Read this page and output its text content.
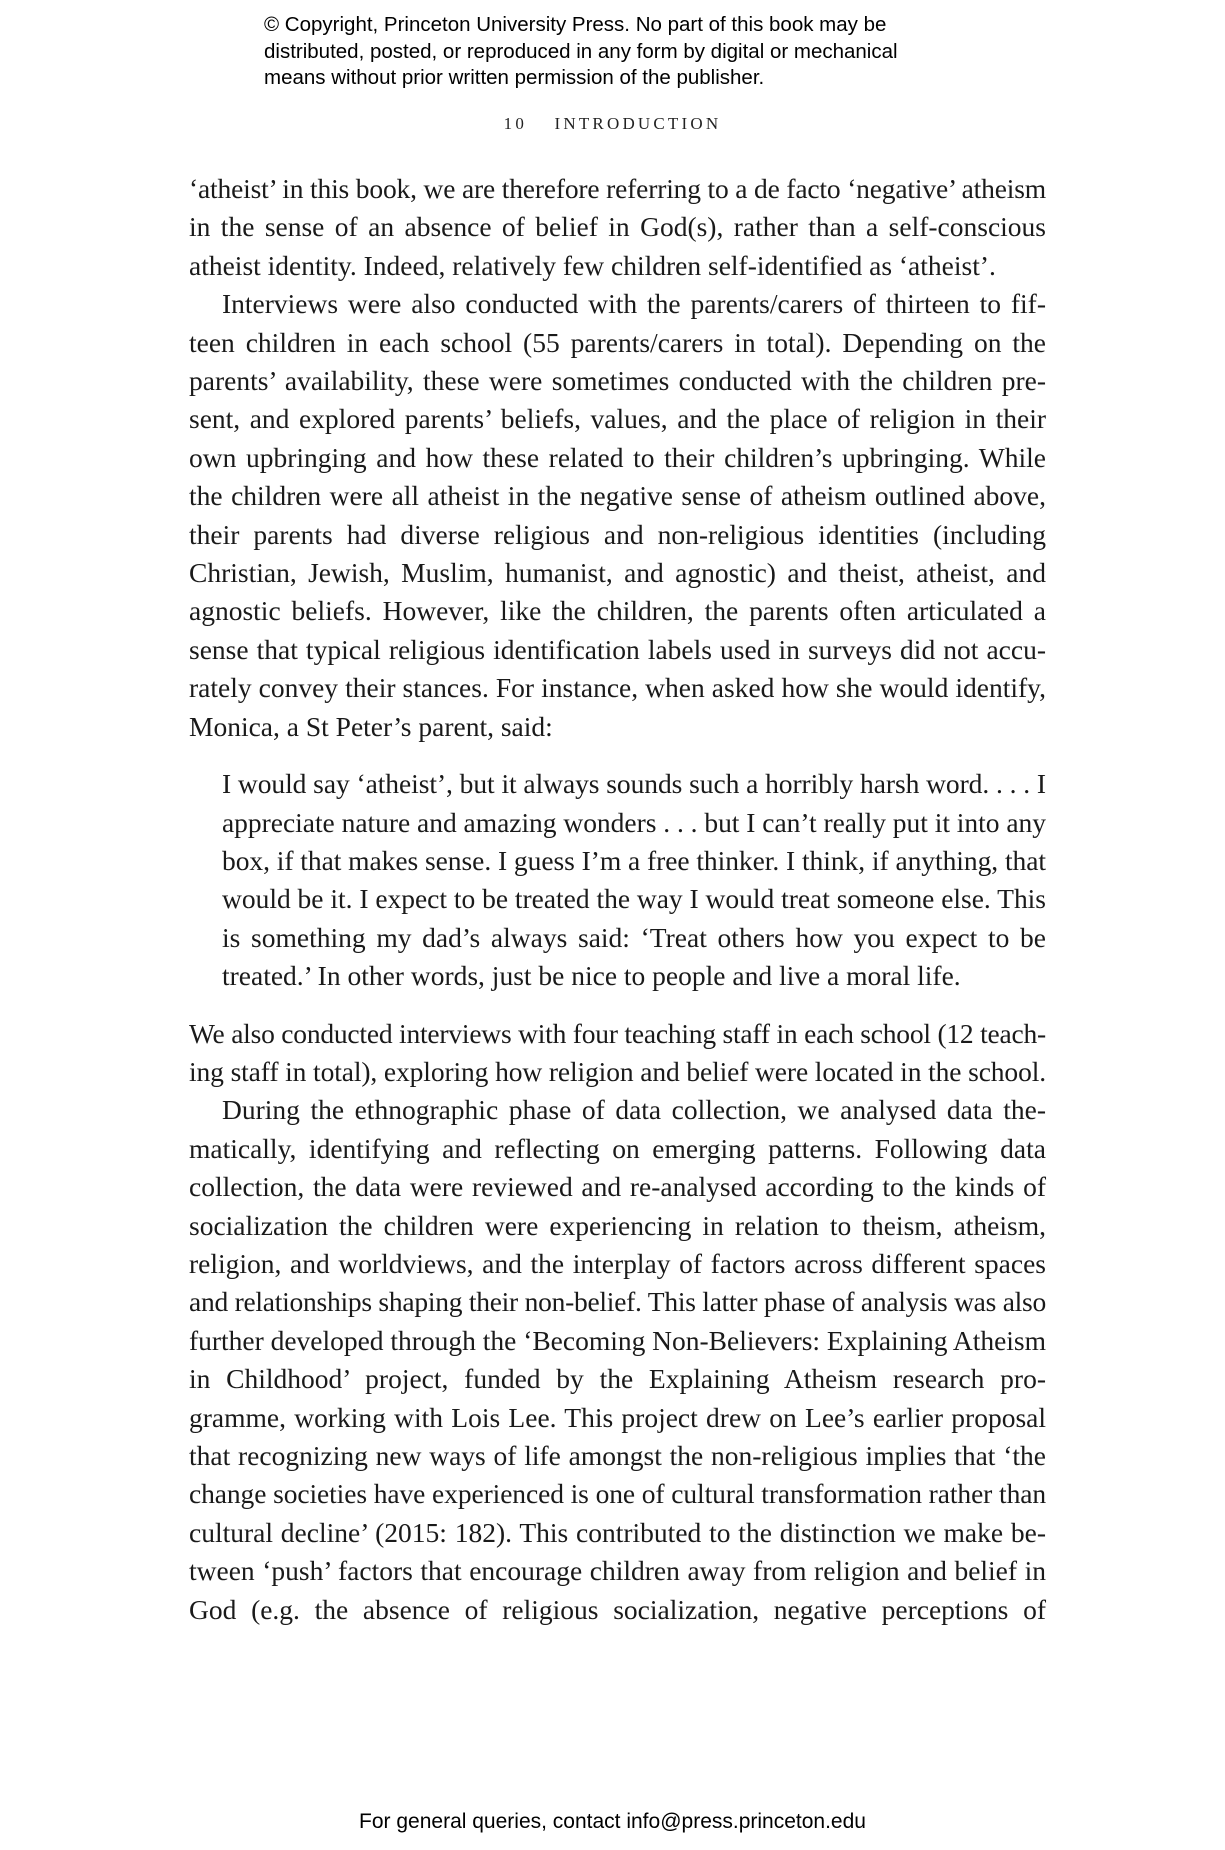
© Copyright, Princeton University Press. No part of this book may be
distributed, posted, or reproduced in any form by digital or mechanical
means without prior written permission of the publisher.
10 INTRODUCTION

‘atheist’ in this book, we are therefore referring to a de facto ‘negative’ atheism
in the sense of an absence of belief in God(s), rather than a self-conscious
atheist identity. Indeed, relatively few children self-identified as ‘atheist’.

Interviews were also conducted with the parents/carers of thirteen to fif-
teen children in each school (55 parents/carers in total). Depending on the
parents’ availability, these were sometimes conducted with the children pre-
sent, and explored parents’ beliefs, values, and the place of religion in their
own upbringing and how these related to their children’s upbringing. While
the children were all atheist in the negative sense of atheism outlined above,
their parents had diverse religious and non-religious identities (including
Christian, Jewish, Muslim, humanist, and agnostic) and theist, atheist, and
agnostic beliefs. However, like the children, the parents often articulated a
sense that typical religious identification labels used in surveys did not accu-
rately convey their stances. For instance, when asked how she would identify,
Monica, a St Peter’s parent, said:

I would say ‘atheist’, but it always sounds such a horribly harsh word. . . . I
appreciate nature and amazing wonders . . . but I can’t really put it into any
box, if that makes sense. I guess I’m a free thinker. I think, if anything, that
would be it. I expect to be treated the way I would treat someone else. This
is something my dad’s always said: ‘Treat others how you expect to be
treated.’ In other words, just be nice to people and live a moral life.

We also conducted interviews with four teaching staff in each school (12 teach-
ing staff in total), exploring how religion and belief were located in the school.

During the ethnographic phase of data collection, we analysed data the-
matically, identifying and reflecting on emerging patterns. Following data
collection, the data were reviewed and re-analysed according to the kinds of
socialization the children were experiencing in relation to theism, atheism,
religion, and worldviews, and the interplay of factors across different spaces
and relationships shaping their non-belief. This latter phase of analysis was also
further developed through the ‘Becoming Non-Believers: Explaining Atheism
in Childhood’ project, funded by the Explaining Atheism research pro-
gramme, working with Lois Lee. This project drew on Lee’s earlier proposal
that recognizing new ways of life amongst the non-religious implies that ‘the
change societies have experienced is one of cultural transformation rather than
cultural decline’ (2015: 182). This contributed to the distinction we make be-
tween ‘push’ factors that encourage children away from religion and belief in
God (e.g. the absence of religious socialization, negative perceptions of

For general queries, contact info@press.princeton.edu
